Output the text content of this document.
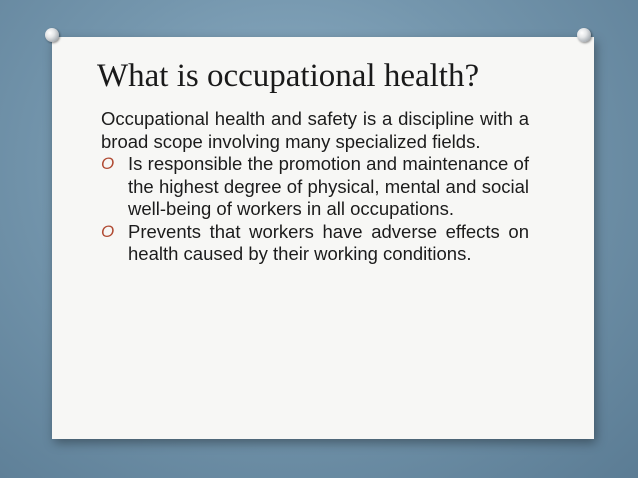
What is occupational health?

Occupational health and safety is a discipline with a broad scope involving many specialized fields.

O Is responsible the promotion and maintenance of the highest degree of physical, mental and social well-being of workers in all occupations.
O Prevents that workers have adverse effects on health caused by their working conditions.
